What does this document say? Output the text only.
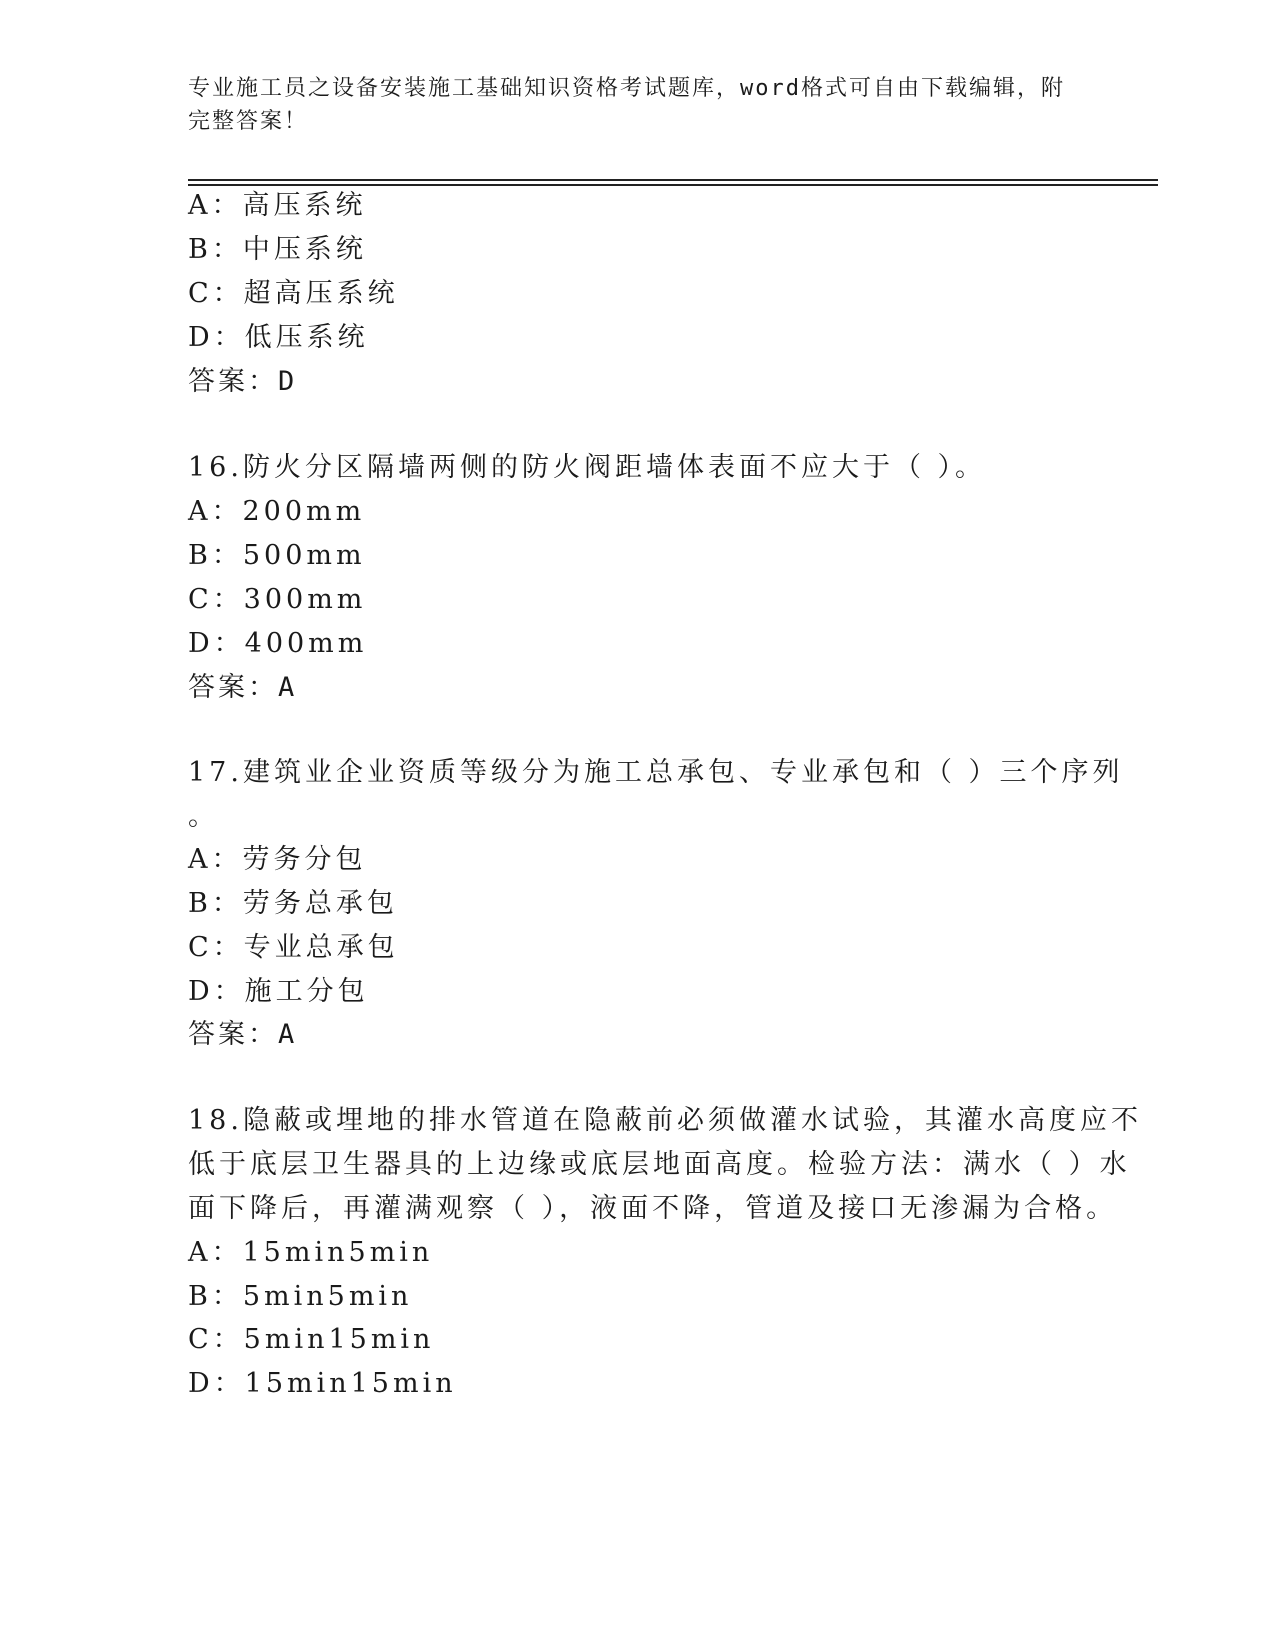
专业施工员之设备安装施工基础知识资格考试题库，word格式可自由下载编辑，附完整答案！
A：高压系统
B：中压系统
C：超高压系统
D：低压系统
答案：D
16.防火分区隔墙两侧的防火阀距墙体表面不应大于（ ）。
A：200mm
B：500mm
C：300mm
D：400mm
答案：A
17.建筑业企业资质等级分为施工总承包、专业承包和（ ）三个序列
。
A：劳务分包
B：劳务总承包
C：专业总承包
D：施工分包
答案：A
18.隐蔽或埋地的排水管道在隐蔽前必须做灌水试验，其灌水高度应不
低于底层卫生器具的上边缘或底层地面高度。检验方法：满水（ ）水
面下降后，再灌满观察（ ），液面不降，管道及接口无渗漏为合格。
A：15min5min
B：5min5min
C：5min15min
D：15min15min
